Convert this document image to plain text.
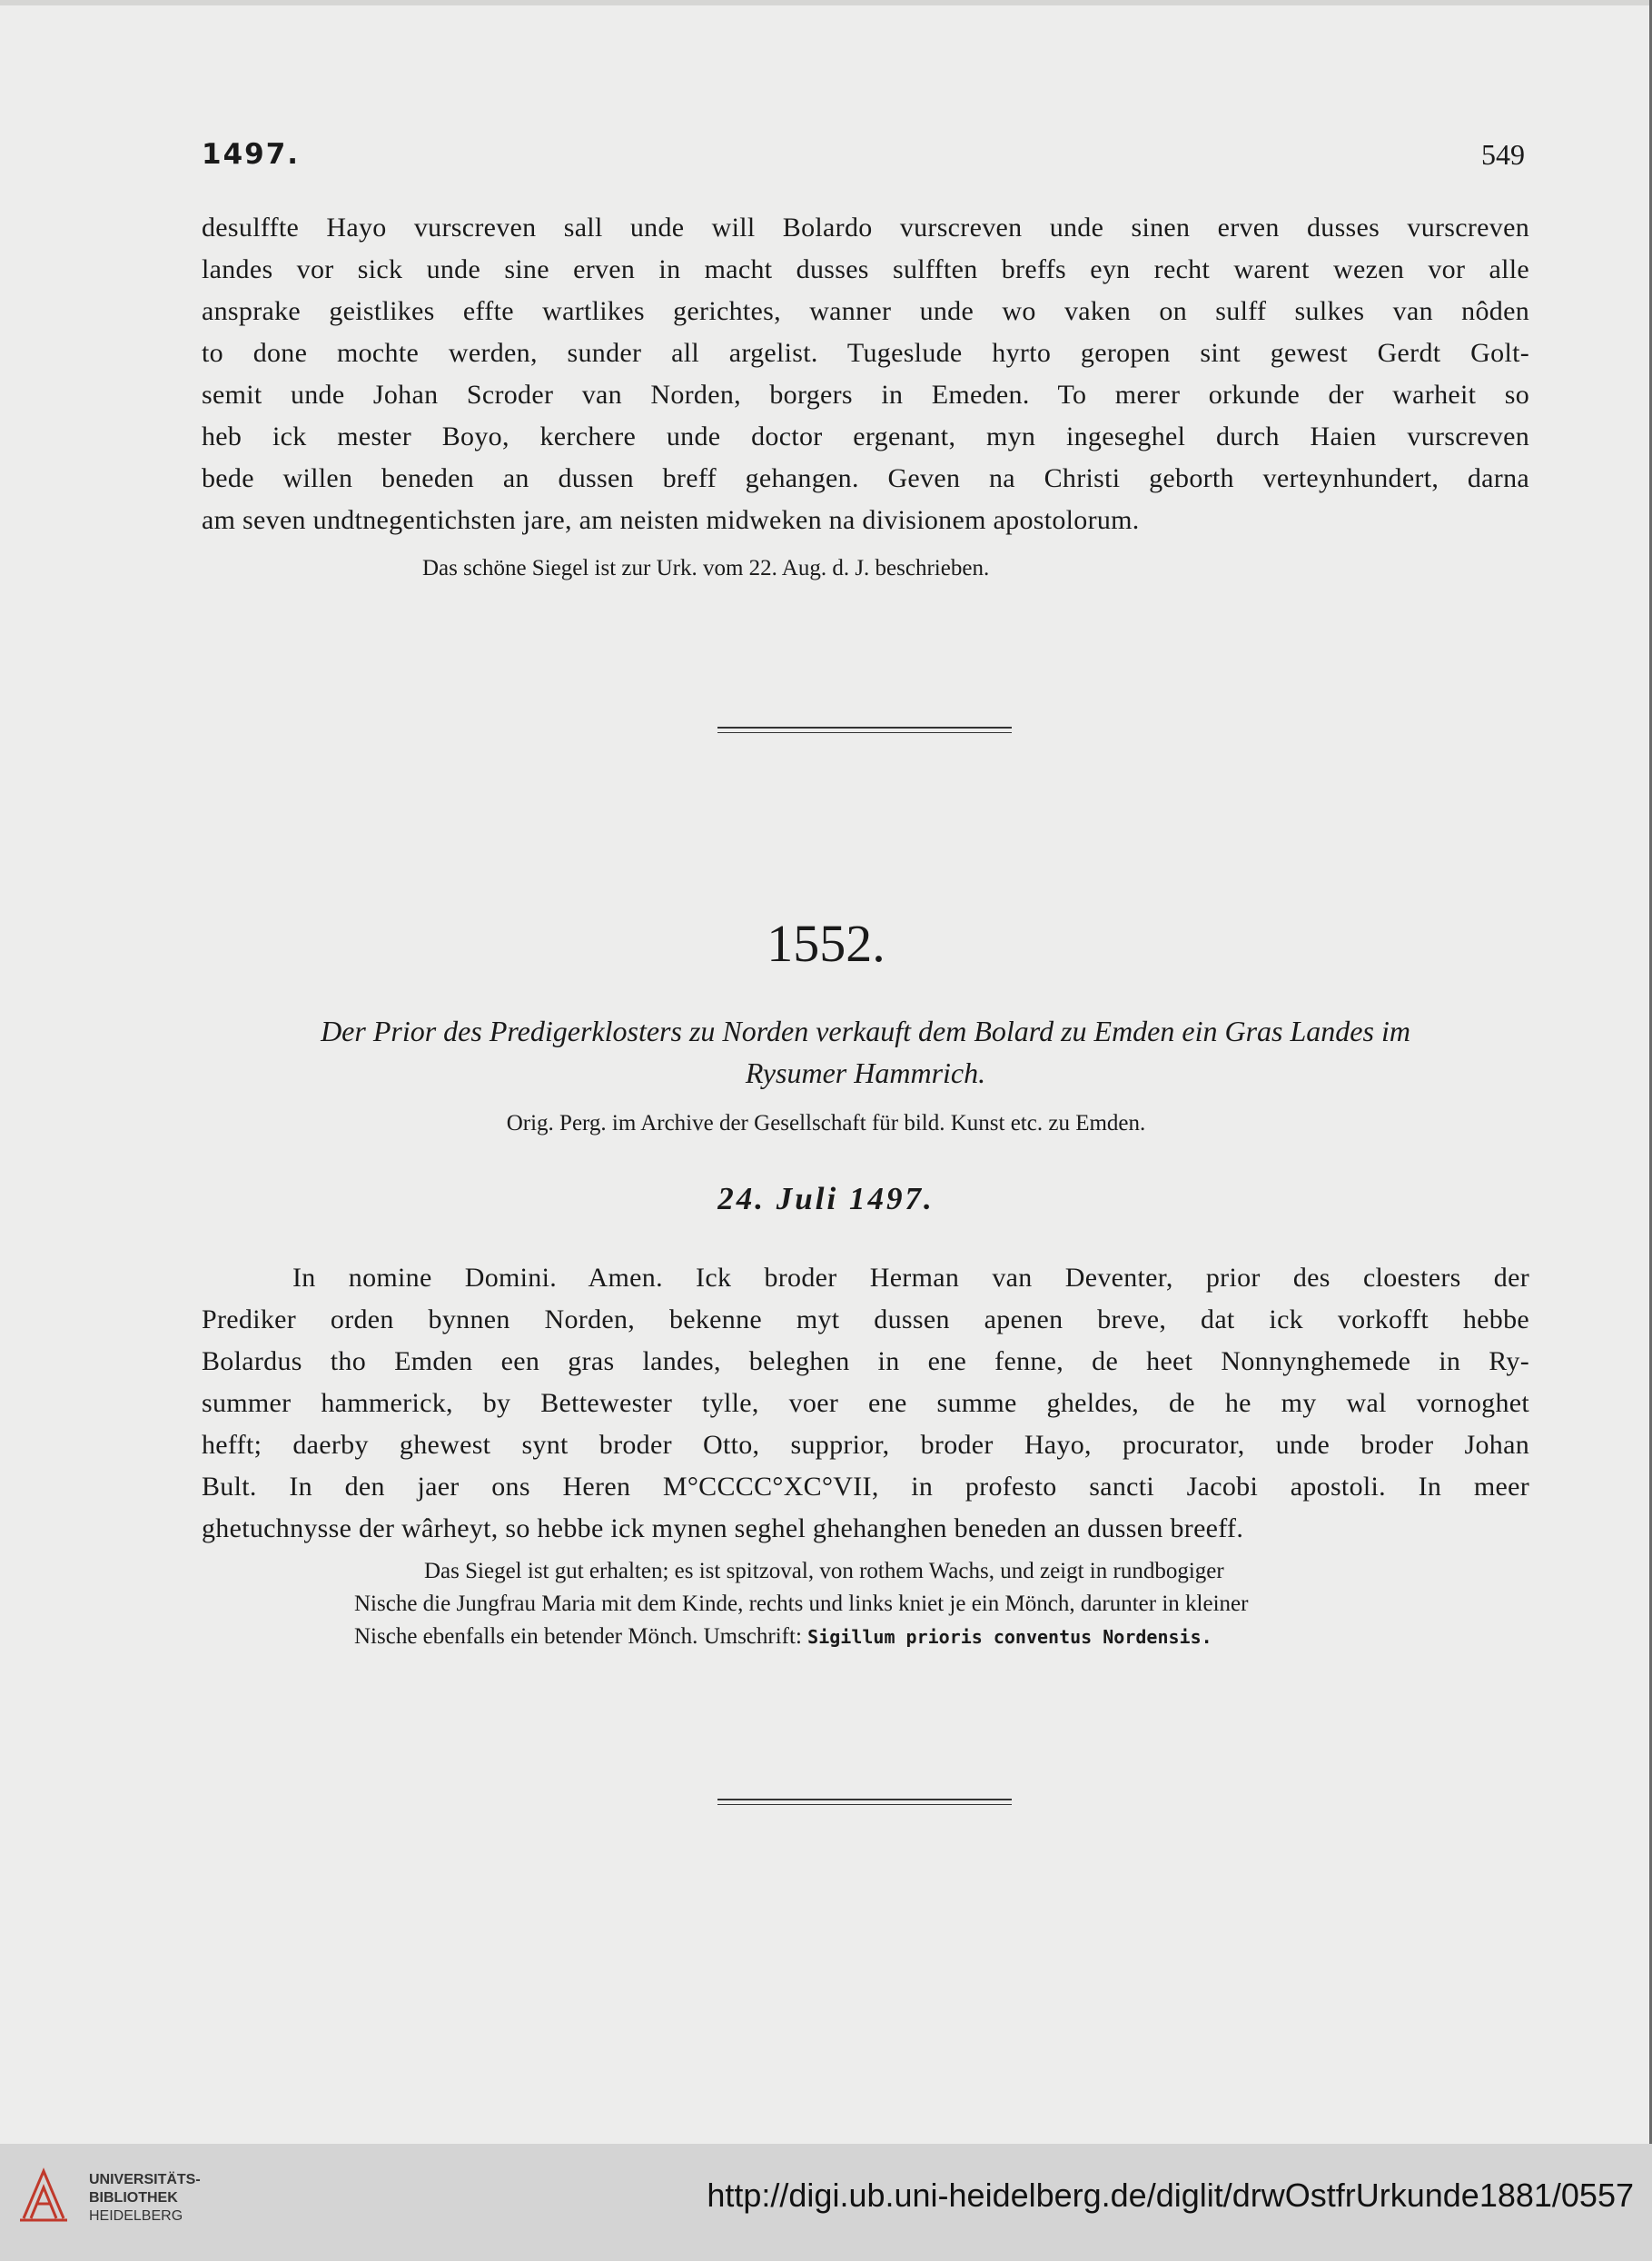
1497.	549
desulffte Hayo vurscreven sall unde will Bolardo vurscreven unde sinen erven dusses vurscreven
landes vor sick unde sine erven in macht dusses sulfften breffs eyn recht warent wezen vor alle
ansprake geistlikes effte wartlikes gerichtes, wanner unde wo vaken on sulff sulkes van nôden
to done mochte werden, sunder all argelist. Tugeslude hyrto geropen sint gewest Gerdt Golt-
semit unde Johan Scroder van Norden, borgers in Emeden. To merer orkunde der warheit so
heb ick mester Boyo, kerchere unde doctor ergenant, myn ingeseghel durch Haien vurscreven
bede willen beneden an dussen breff gehangen. Geven na Christi geborth verteynhundert, darna
am seven undtnegentichsten jare, am neisten midweken na divisionem apostolorum.
Das schöne Siegel ist zur Urk. vom 22. Aug. d. J. beschrieben.
1552.
Der Prior des Predigerklosters zu Norden verkauft dem Bolard zu Emden ein Gras Landes im
Rysumer Hammrich.
Orig. Perg. im Archive der Gesellschaft für bild. Kunst etc. zu Emden.
24. Juli 1497.
In nomine Domini. Amen. Ick broder Herman van Deventer, prior des cloesters der
Prediker orden bynnen Norden, bekenne myt dussen apenen breve, dat ick vorkofft hebbe
Bolardus tho Emden een gras landes, beleghen in ene fenne, de heet Nonnynghemede in Ry-
summer hammerick, by Bettewester tylle, voer ene summe gheldes, de he my wal vornoghet
hefft; daerby ghewest synt broder Otto, supprior, broder Hayo, procurator, unde broder Johan
Bult. In den jaer ons Heren M°CCCC°XC°VII, in profesto sancti Jacobi apostoli. In meer
ghetuchnysse der wârheyt, so hebbe ick mynen seghel ghehanghen beneden an dussen breeff.
Das Siegel ist gut erhalten; es ist spitzoval, von rothem Wachs, und zeigt in rundbogiger
Nische die Jungfrau Maria mit dem Kinde, rechts und links kniet je ein Mönch, darunter in kleiner
Nische ebenfalls ein betender Mönch. Umschrift: Sigillum prioris conventus Nordensis.
UNIVERSITÄTS-
BIBLIOTHEK
HEIDELBERG
http://digi.ub.uni-heidelberg.de/diglit/drwOstfrUrkunde1881/0557
